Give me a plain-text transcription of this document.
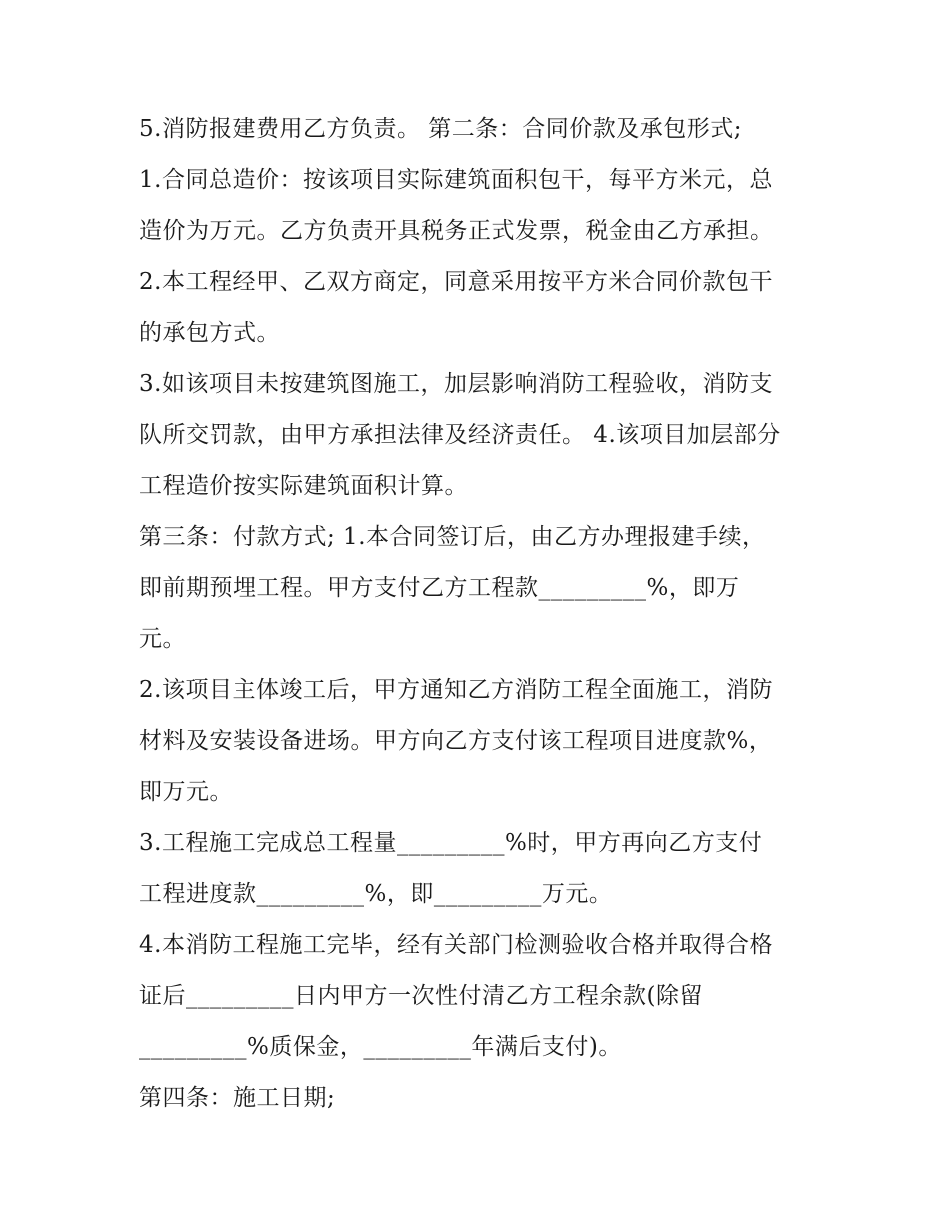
5.消防报建费用乙方负责。 第二条：合同价款及承包形式;
1.合同总造价：按该项目实际建筑面积包干，每平方米元，总
造价为万元。乙方负责开具税务正式发票，税金由乙方承担。
2.本工程经甲、乙双方商定，同意采用按平方米合同价款包干
的承包方式。
3.如该项目未按建筑图施工，加层影响消防工程验收，消防支
队所交罚款，由甲方承担法律及经济责任。 4.该项目加层部分
工程造价按实际建筑面积计算。
第三条：付款方式; 1.本合同签订后，由乙方办理报建手续，
即前期预埋工程。甲方支付乙方工程款_________%，即万
元。
2.该项目主体竣工后，甲方通知乙方消防工程全面施工，消防
材料及安装设备进场。甲方向乙方支付该工程项目进度款%，
即万元。
3.工程施工完成总工程量_________%时，甲方再向乙方支付
工程进度款_________%，即_________万元。
4.本消防工程施工完毕，经有关部门检测验收合格并取得合格
证后_________日内甲方一次性付清乙方工程余款(除留
_________%质保金，_________年满后支付)。
第四条：施工日期;
